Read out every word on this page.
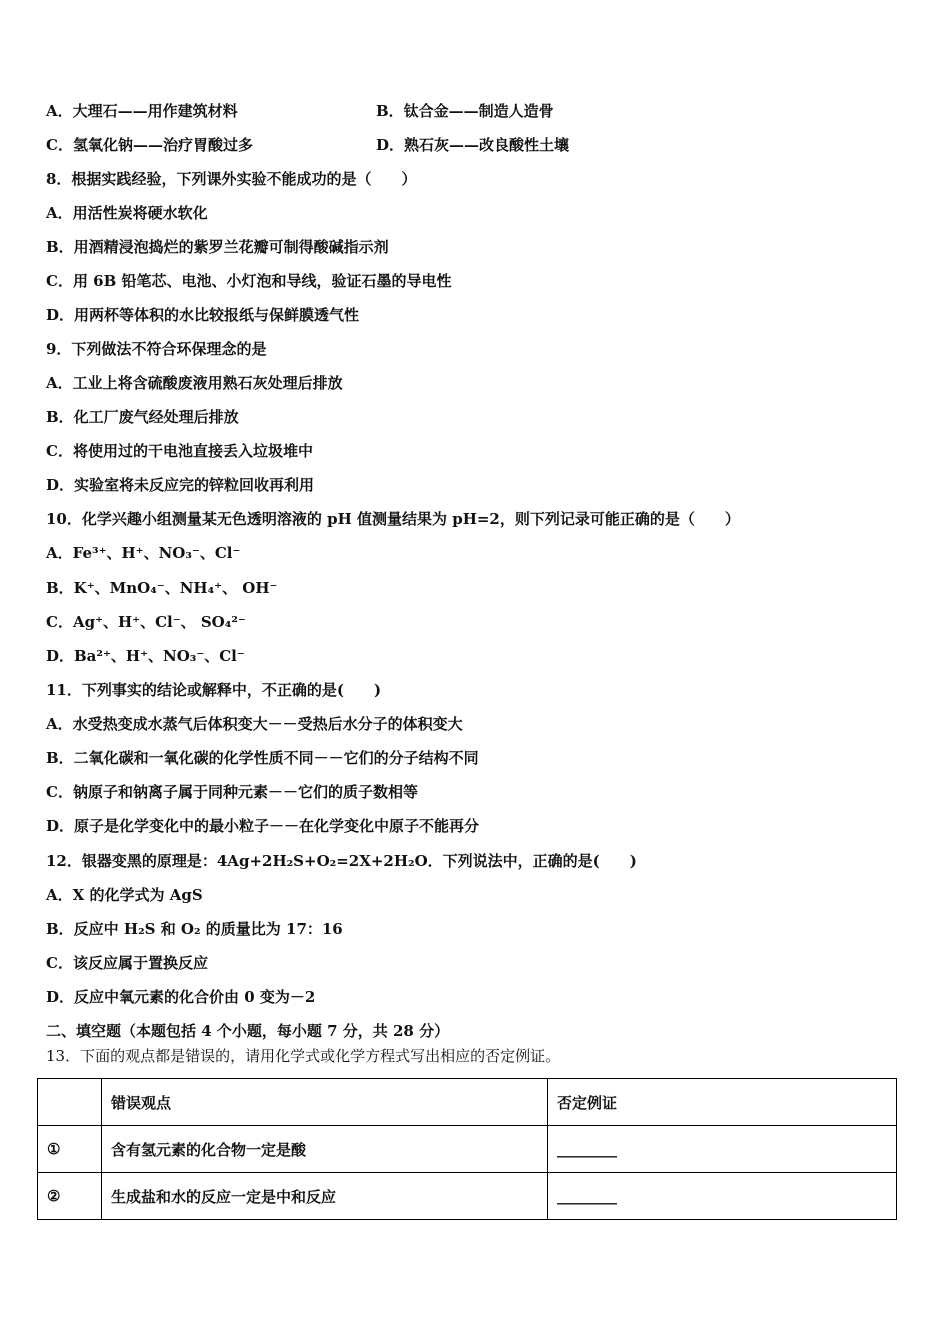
A．大理石——用作建筑材料	B．钛合金——制造人造骨
C．氢氧化钠——治疗胃酸过多	D．熟石灰——改良酸性土壤
8．根据实践经验，下列课外实验不能成功的是（　　）
A．用活性炭将硬水软化
B．用酒精浸泡捣烂的紫罗兰花瓣可制得酸碱指示剂
C．用 6B 铅笔芯、电池、小灯泡和导线，验证石墨的导电性
D．用两杯等体积的水比较报纸与保鲜膜透气性
9．下列做法不符合环保理念的是
A．工业上将含硫酸废液用熟石灰处理后排放
B．化工厂废气经处理后排放
C．将使用过的干电池直接丢入垃圾堆中
D．实验室将未反应完的锌粒回收再利用
10．化学兴趣小组测量某无色透明溶液的 pH 值测量结果为 pH=2，则下列记录可能正确的是（　　）
A．Fe³⁺、H⁺、NO₃⁻、Cl⁻
B．K⁺、MnO₄⁻、NH₄⁺、 OH⁻
C．Ag⁺、H⁺、Cl⁻、 SO₄²⁻
D．Ba²⁺、H⁺、NO₃⁻、Cl⁻
11．下列事实的结论或解释中，不正确的是(　　)
A．水受热变成水蒸气后体积变大－－受热后水分子的体积变大
B．二氧化碳和一氧化碳的化学性质不同－－它们的分子结构不同
C．钠原子和钠离子属于同种元素－－它们的质子数相等
D．原子是化学变化中的最小粒子－－在化学变化中原子不能再分
12．银器变黑的原理是：4Ag+2H₂S+O₂=2X+2H₂O．下列说法中，正确的是(　　)
A．X 的化学式为 AgS
B．反应中 H₂S 和 O₂ 的质量比为 17：16
C．该反应属于置换反应
D．反应中氧元素的化合价由 0 变为－2
二、填空题（本题包括 4 个小题，每小题 7 分，共 28 分）
13．下面的观点都是错误的，请用化学式或化学方程式写出相应的否定例证。
	错误观点	否定例证
①	含有氢元素的化合物一定是酸	________
②	生成盐和水的反应一定是中和反应	________
